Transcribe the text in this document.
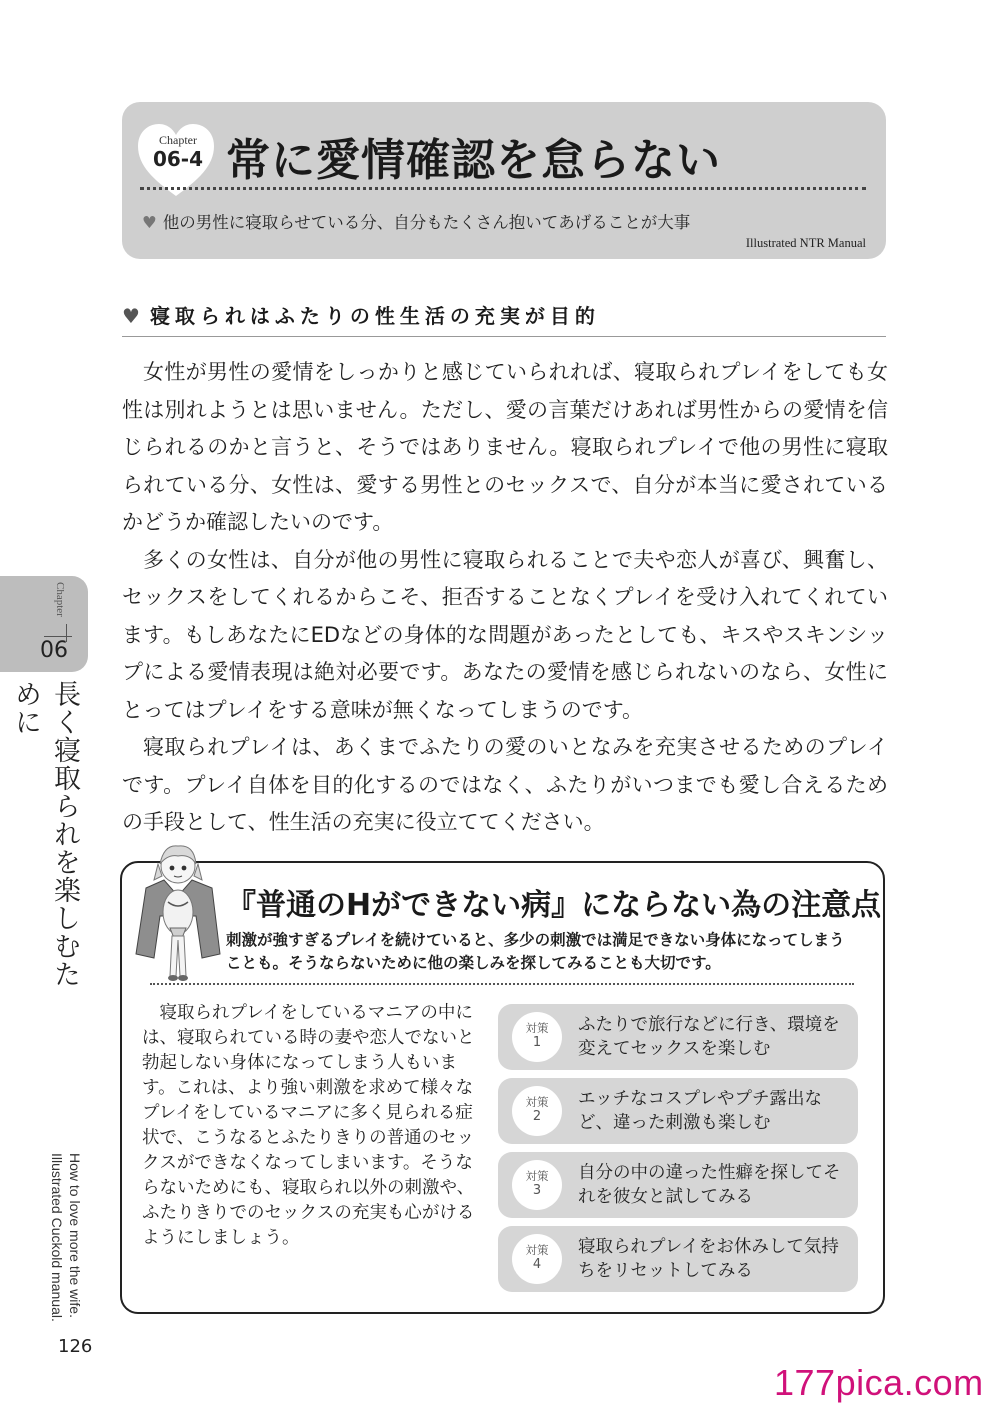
Chapter
06-4 常に愛情確認を怠らない
♥ 他の男性に寝取らせている分、自分もたくさん抱いてあげることが大事
Illustrated NTR Manual
♥ 寝取られはふたりの性生活の充実が目的

女性が男性の愛情をしっかりと感じていられれば、寝取られプレイをしても女性は別れようとは思いません。ただし、愛の言葉だけあれば男性からの愛情を信じられるのかと言うと、そうではありません。寝取られプレイで他の男性に寝取られている分、女性は、愛する男性とのセックスで、自分が本当に愛されているかどうか確認したいのです。

多くの女性は、自分が他の男性に寝取られることで夫や恋人が喜び、興奮し、セックスをしてくれるからこそ、拒否することなくプレイを受け入れてくれています。もしあなたにEDなどの身体的な問題があったとしても、キスやスキンシップによる愛情表現は絶対必要です。あなたの愛情を感じられないのなら、女性にとってはプレイをする意味が無くなってしまうのです。

寝取られプレイは、あくまでふたりの愛のいとなみを充実させるためのプレイです。プレイ自体を目的化するのではなく、ふたりがいつまでも愛し合えるための手段として、性生活の充実に役立ててください。

Chapter
06
長く寝取られを楽しむために
How to love more the wife. Illustrated Cuckold manual.
126
『普通のHができない病』にならない為の注意点
刺激が強すぎるプレイを続けていると、多少の刺激では満足できない身体になってしまうことも。そうならないために他の楽しみを探してみることも大切です。
寝取られプレイをしているマニアの中には、寝取られている時の妻や恋人でないと勃起しない身体になってしまう人もいます。これは、より強い刺激を求めて様々なプレイをしているマニアに多く見られる症状で、こうなるとふたりきりの普通のセックスができなくなってしまいます。そうならないためにも、寝取られ以外の刺激や、ふたりきりでのセックスの充実も心がけるようにしましょう。
対策
1
ふたりで旅行などに行き、環境を変えてセックスを楽しむ
対策
2
エッチなコスプレやプチ露出など、違った刺激も楽しむ
対策
3
自分の中の違った性癖を探してそれを彼女と試してみる
対策
4
寝取られプレイをお休みして気持ちをリセットしてみる
177pica.com
